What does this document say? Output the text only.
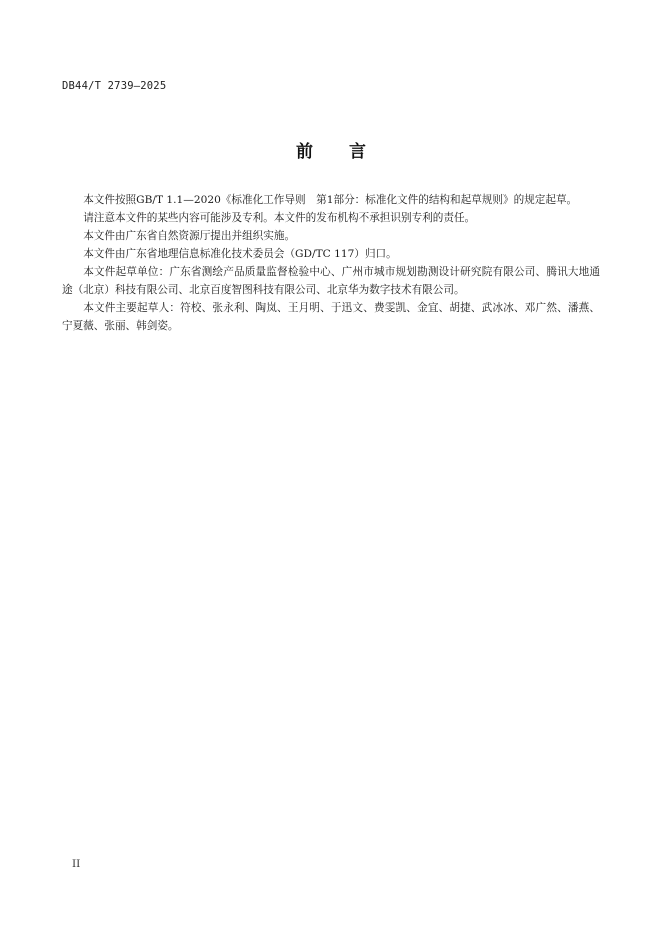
DB44/T 2739—2025
前 言

本文件按照GB/T 1.1—2020《标准化工作导则　第1部分：标准化文件的结构和起草规则》的规定起草。

请注意本文件的某些内容可能涉及专利。本文件的发布机构不承担识别专利的责任。

本文件由广东省自然资源厅提出并组织实施。

本文件由广东省地理信息标准化技术委员会（GD/TC 117）归口。

本文件起草单位：广东省测绘产品质量监督检验中心、广州市城市规划勘测设计研究院有限公司、腾讯大地通途（北京）科技有限公司、北京百度智图科技有限公司、北京华为数字技术有限公司。

本文件主要起草人：符校、张永利、陶岚、王月明、于迅文、费雯凯、金宜、胡捷、武冰冰、邓广然、潘燕、宁夏薇、张丽、韩剑姿。

II
